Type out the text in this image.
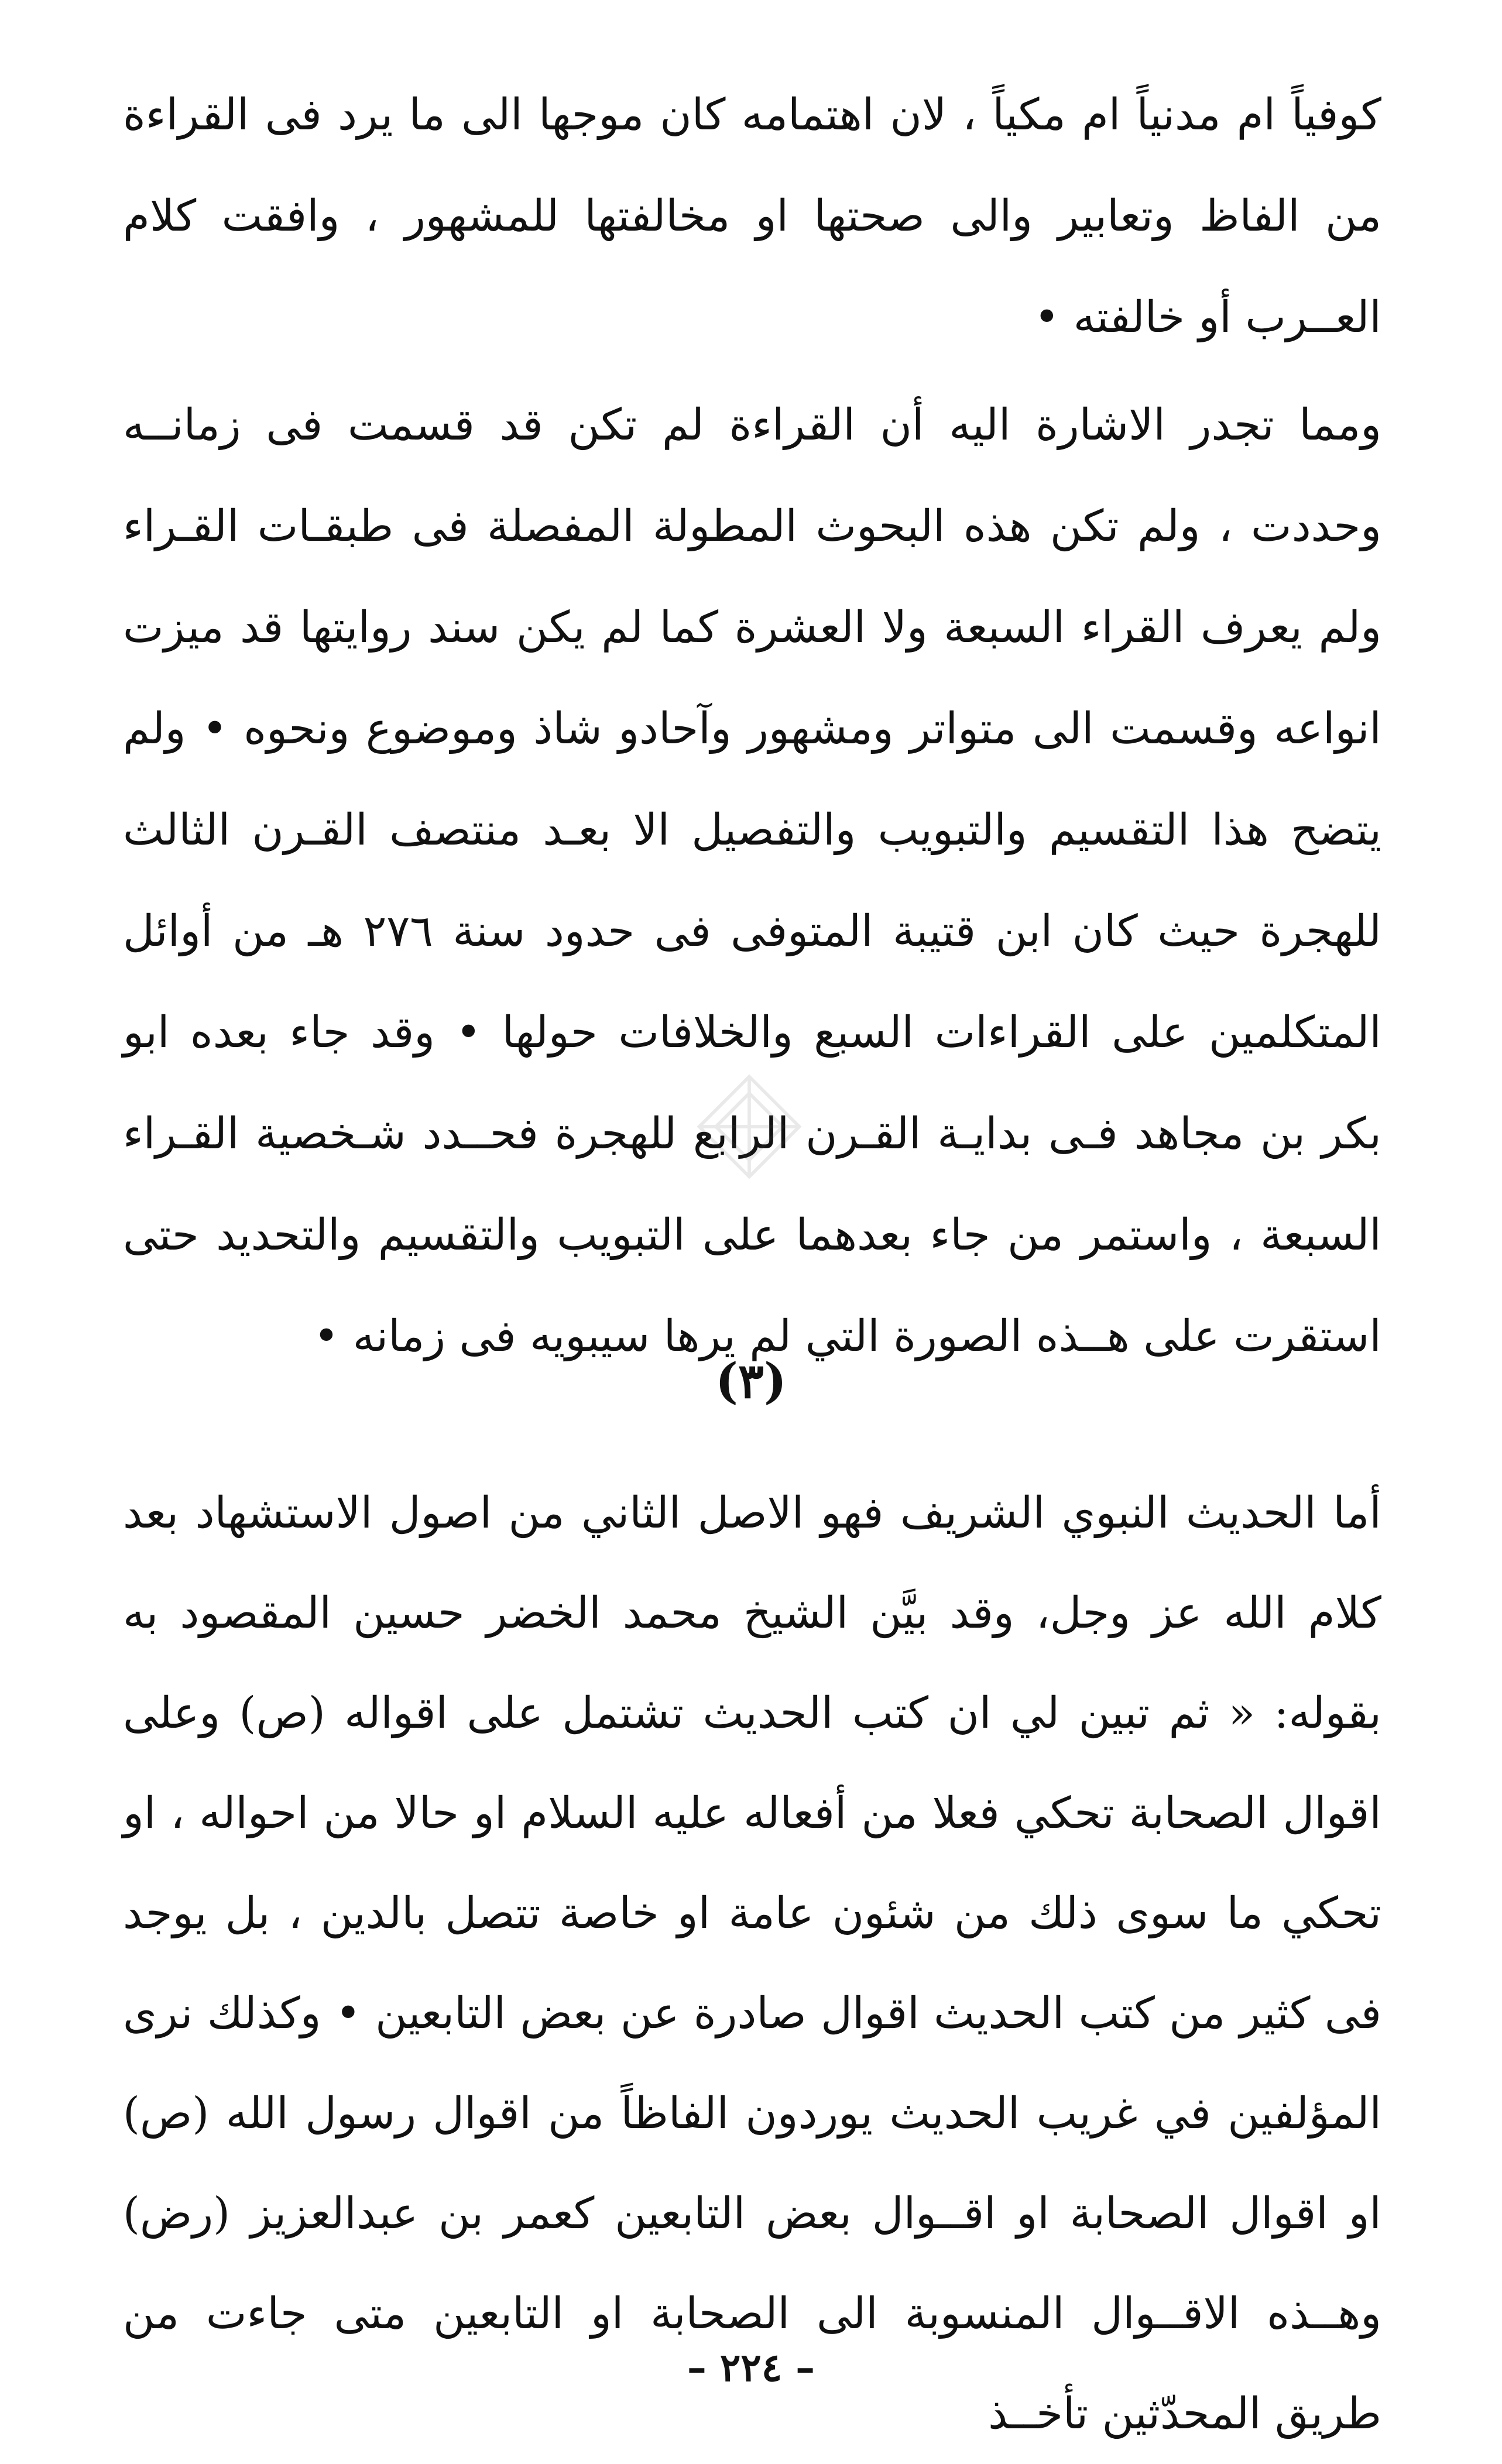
كوفياً ام مدنياً ام مكياً ، لان اهتمامه كان موجها الى ما يرد فى القراءة من الفاظ وتعابير والى صحتها او مخالفتها للمشهور ، وافقت كلام العــرب أو خالفته •

ومما تجدر الاشارة اليه أن القراءة لم تكن قد قسمت فى زمانــه وحددت ، ولم تكن هذه البحوث المطولة المفصلة فى طبقـات القـراء ولم يعرف القراء السبعة ولا العشرة كما لم يكن سند روايتها قد ميزت انواعه وقسمت الى متواتر ومشهور وآحادو شاذ وموضوع ونحوه • ولم يتضح هذا التقسيم والتبويب والتفصيل الا بعـد منتصف القـرن الثالث للهجرة حيث كان ابن قتيبة المتوفى فى حدود سنة ٢٧٦ هـ من أوائل المتكلمين على القراءات السبع والخلافات حولها • وقد جاء بعده ابو بكر بن مجاهد فـى بدايـة القـرن الرابع للهجرة فحــدد شـخصية القـراء السبعة ، واستمر من جاء بعدهما على التبويب والتقسيم والتحديد حتى استقرت على هــذه الصورة التي لم يرها سيبويه فى زمانه •

(٣)

أما الحديث النبوي الشريف فهو الاصل الثاني من اصول الاستشهاد بعد كلام الله عز وجل، وقد بيَّن الشيخ محمد الخضر حسين المقصود به بقوله: « ثم تبين لي ان كتب الحديث تشتمل على اقواله (ص) وعلى اقوال الصحابة تحكي فعلا من أفعاله عليه السلام او حالا من احواله ، او تحكي ما سوى ذلك من شئون عامة او خاصة تتصل بالدين ، بل يوجد فى كثير من كتب الحديث اقوال صادرة عن بعض التابعين • وكذلك نرى المؤلفين في غريب الحديث يوردون الفاظاً من اقوال رسول الله (ص) او اقوال الصحابة او اقــوال بعض التابعين كعمر بن عبدالعزيز (رض) وهــذه الاقــوال المنسوبة الى الصحابة او التابعين متى جاءت من طريق المحدّثين تأخــذ

– ٢٢٤ –
